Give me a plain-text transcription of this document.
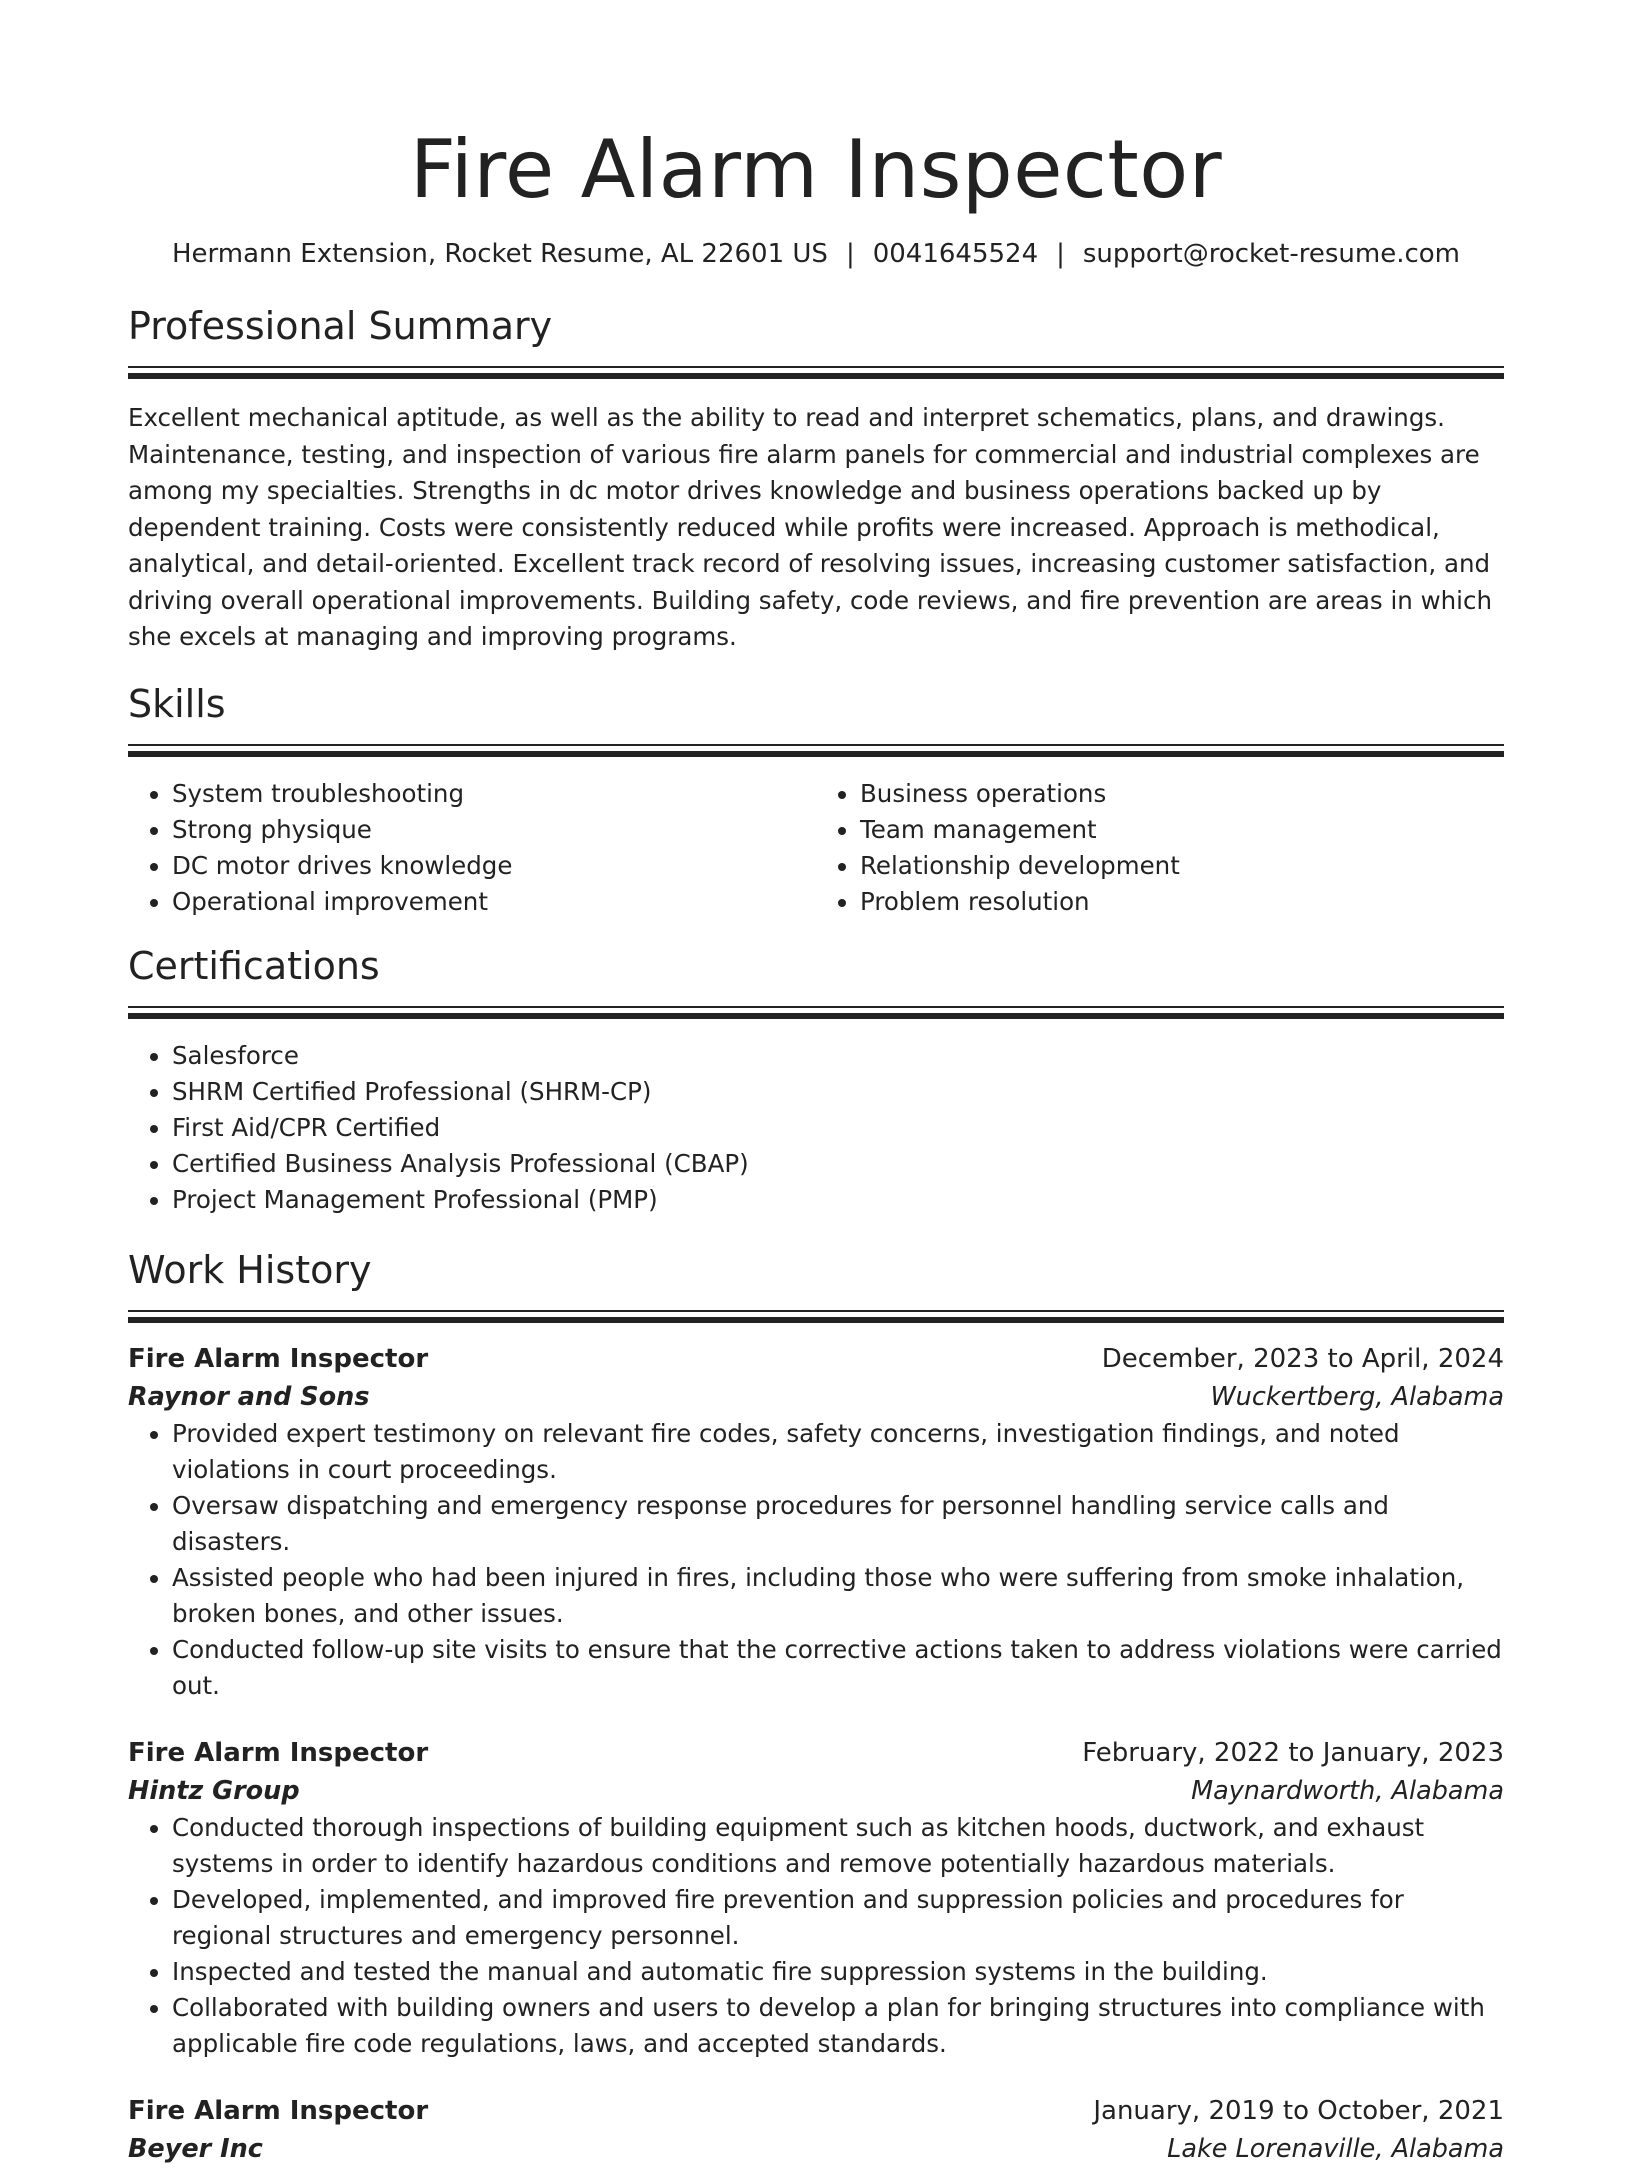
Fire Alarm Inspector
Hermann Extension, Rocket Resume, AL 22601 US | 0041645524 | support@rocket-resume.com
Professional Summary

Excellent mechanical aptitude, as well as the ability to read and interpret schematics, plans, and drawings. Maintenance, testing, and inspection of various fire alarm panels for commercial and industrial complexes are among my specialties. Strengths in dc motor drives knowledge and business operations backed up by dependent training. Costs were consistently reduced while profits were increased. Approach is methodical, analytical, and detail-oriented. Excellent track record of resolving issues, increasing customer satisfaction, and driving overall operational improvements. Building safety, code reviews, and fire prevention are areas in which she excels at managing and improving programs.

Skills
• System troubleshooting
• Strong physique
• DC motor drives knowledge
• Operational improvement
• Business operations
• Team management
• Relationship development
• Problem resolution
Certifications
• Salesforce
• SHRM Certified Professional (SHRM-CP)
• First Aid/CPR Certified
• Certified Business Analysis Professional (CBAP)
• Project Management Professional (PMP)
Work History
Fire Alarm Inspector	December, 2023 to April, 2024
Raynor and Sons	Wuckertberg, Alabama
• Provided expert testimony on relevant fire codes, safety concerns, investigation findings, and noted violations in court proceedings.
• Oversaw dispatching and emergency response procedures for personnel handling service calls and disasters.
• Assisted people who had been injured in fires, including those who were suffering from smoke inhalation, broken bones, and other issues.
• Conducted follow-up site visits to ensure that the corrective actions taken to address violations were carried out.
Fire Alarm Inspector	February, 2022 to January, 2023
Hintz Group	Maynardworth, Alabama
• Conducted thorough inspections of building equipment such as kitchen hoods, ductwork, and exhaust systems in order to identify hazardous conditions and remove potentially hazardous materials.
• Developed, implemented, and improved fire prevention and suppression policies and procedures for regional structures and emergency personnel.
• Inspected and tested the manual and automatic fire suppression systems in the building.
• Collaborated with building owners and users to develop a plan for bringing structures into compliance with applicable fire code regulations, laws, and accepted standards.
Fire Alarm Inspector	January, 2019 to October, 2021
Beyer Inc	Lake Lorenaville, Alabama
